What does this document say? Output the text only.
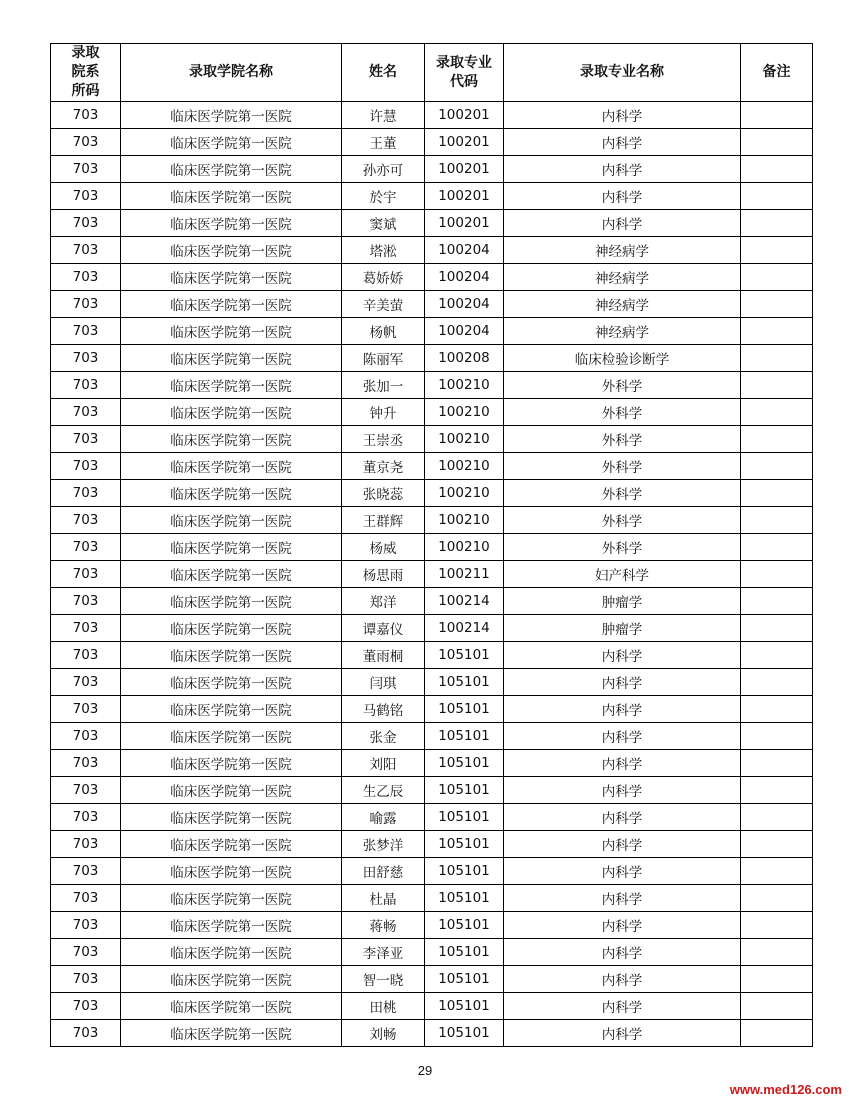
录取院系所码	录取学院名称	姓名	录取专业代码	录取专业名称	备注
703	临床医学院第一医院	许慧	100201	内科学	
703	临床医学院第一医院	王董	100201	内科学	
703	临床医学院第一医院	孙亦可	100201	内科学	
703	临床医学院第一医院	於宇	100201	内科学	
703	临床医学院第一医院	窦斌	100201	内科学	
703	临床医学院第一医院	塔淞	100204	神经病学	
703	临床医学院第一医院	葛娇娇	100204	神经病学	
703	临床医学院第一医院	辛美萤	100204	神经病学	
703	临床医学院第一医院	杨帆	100204	神经病学	
703	临床医学院第一医院	陈丽军	100208	临床检验诊断学	
703	临床医学院第一医院	张加一	100210	外科学	
703	临床医学院第一医院	钟升	100210	外科学	
703	临床医学院第一医院	王崇丞	100210	外科学	
703	临床医学院第一医院	董京尧	100210	外科学	
703	临床医学院第一医院	张晓蕊	100210	外科学	
703	临床医学院第一医院	王群辉	100210	外科学	
703	临床医学院第一医院	杨威	100210	外科学	
703	临床医学院第一医院	杨思雨	100211	妇产科学	
703	临床医学院第一医院	郑洋	100214	肿瘤学	
703	临床医学院第一医院	谭嘉仪	100214	肿瘤学	
703	临床医学院第一医院	董雨桐	105101	内科学	
703	临床医学院第一医院	闫琪	105101	内科学	
703	临床医学院第一医院	马鹤铭	105101	内科学	
703	临床医学院第一医院	张金	105101	内科学	
703	临床医学院第一医院	刘阳	105101	内科学	
703	临床医学院第一医院	生乙辰	105101	内科学	
703	临床医学院第一医院	喻露	105101	内科学	
703	临床医学院第一医院	张梦洋	105101	内科学	
703	临床医学院第一医院	田舒慈	105101	内科学	
703	临床医学院第一医院	杜晶	105101	内科学	
703	临床医学院第一医院	蒋畅	105101	内科学	
703	临床医学院第一医院	李泽亚	105101	内科学	
703	临床医学院第一医院	智一晓	105101	内科学	
703	临床医学院第一医院	田桃	105101	内科学	
703	临床医学院第一医院	刘畅	105101	内科学	
29
www.med126.com
